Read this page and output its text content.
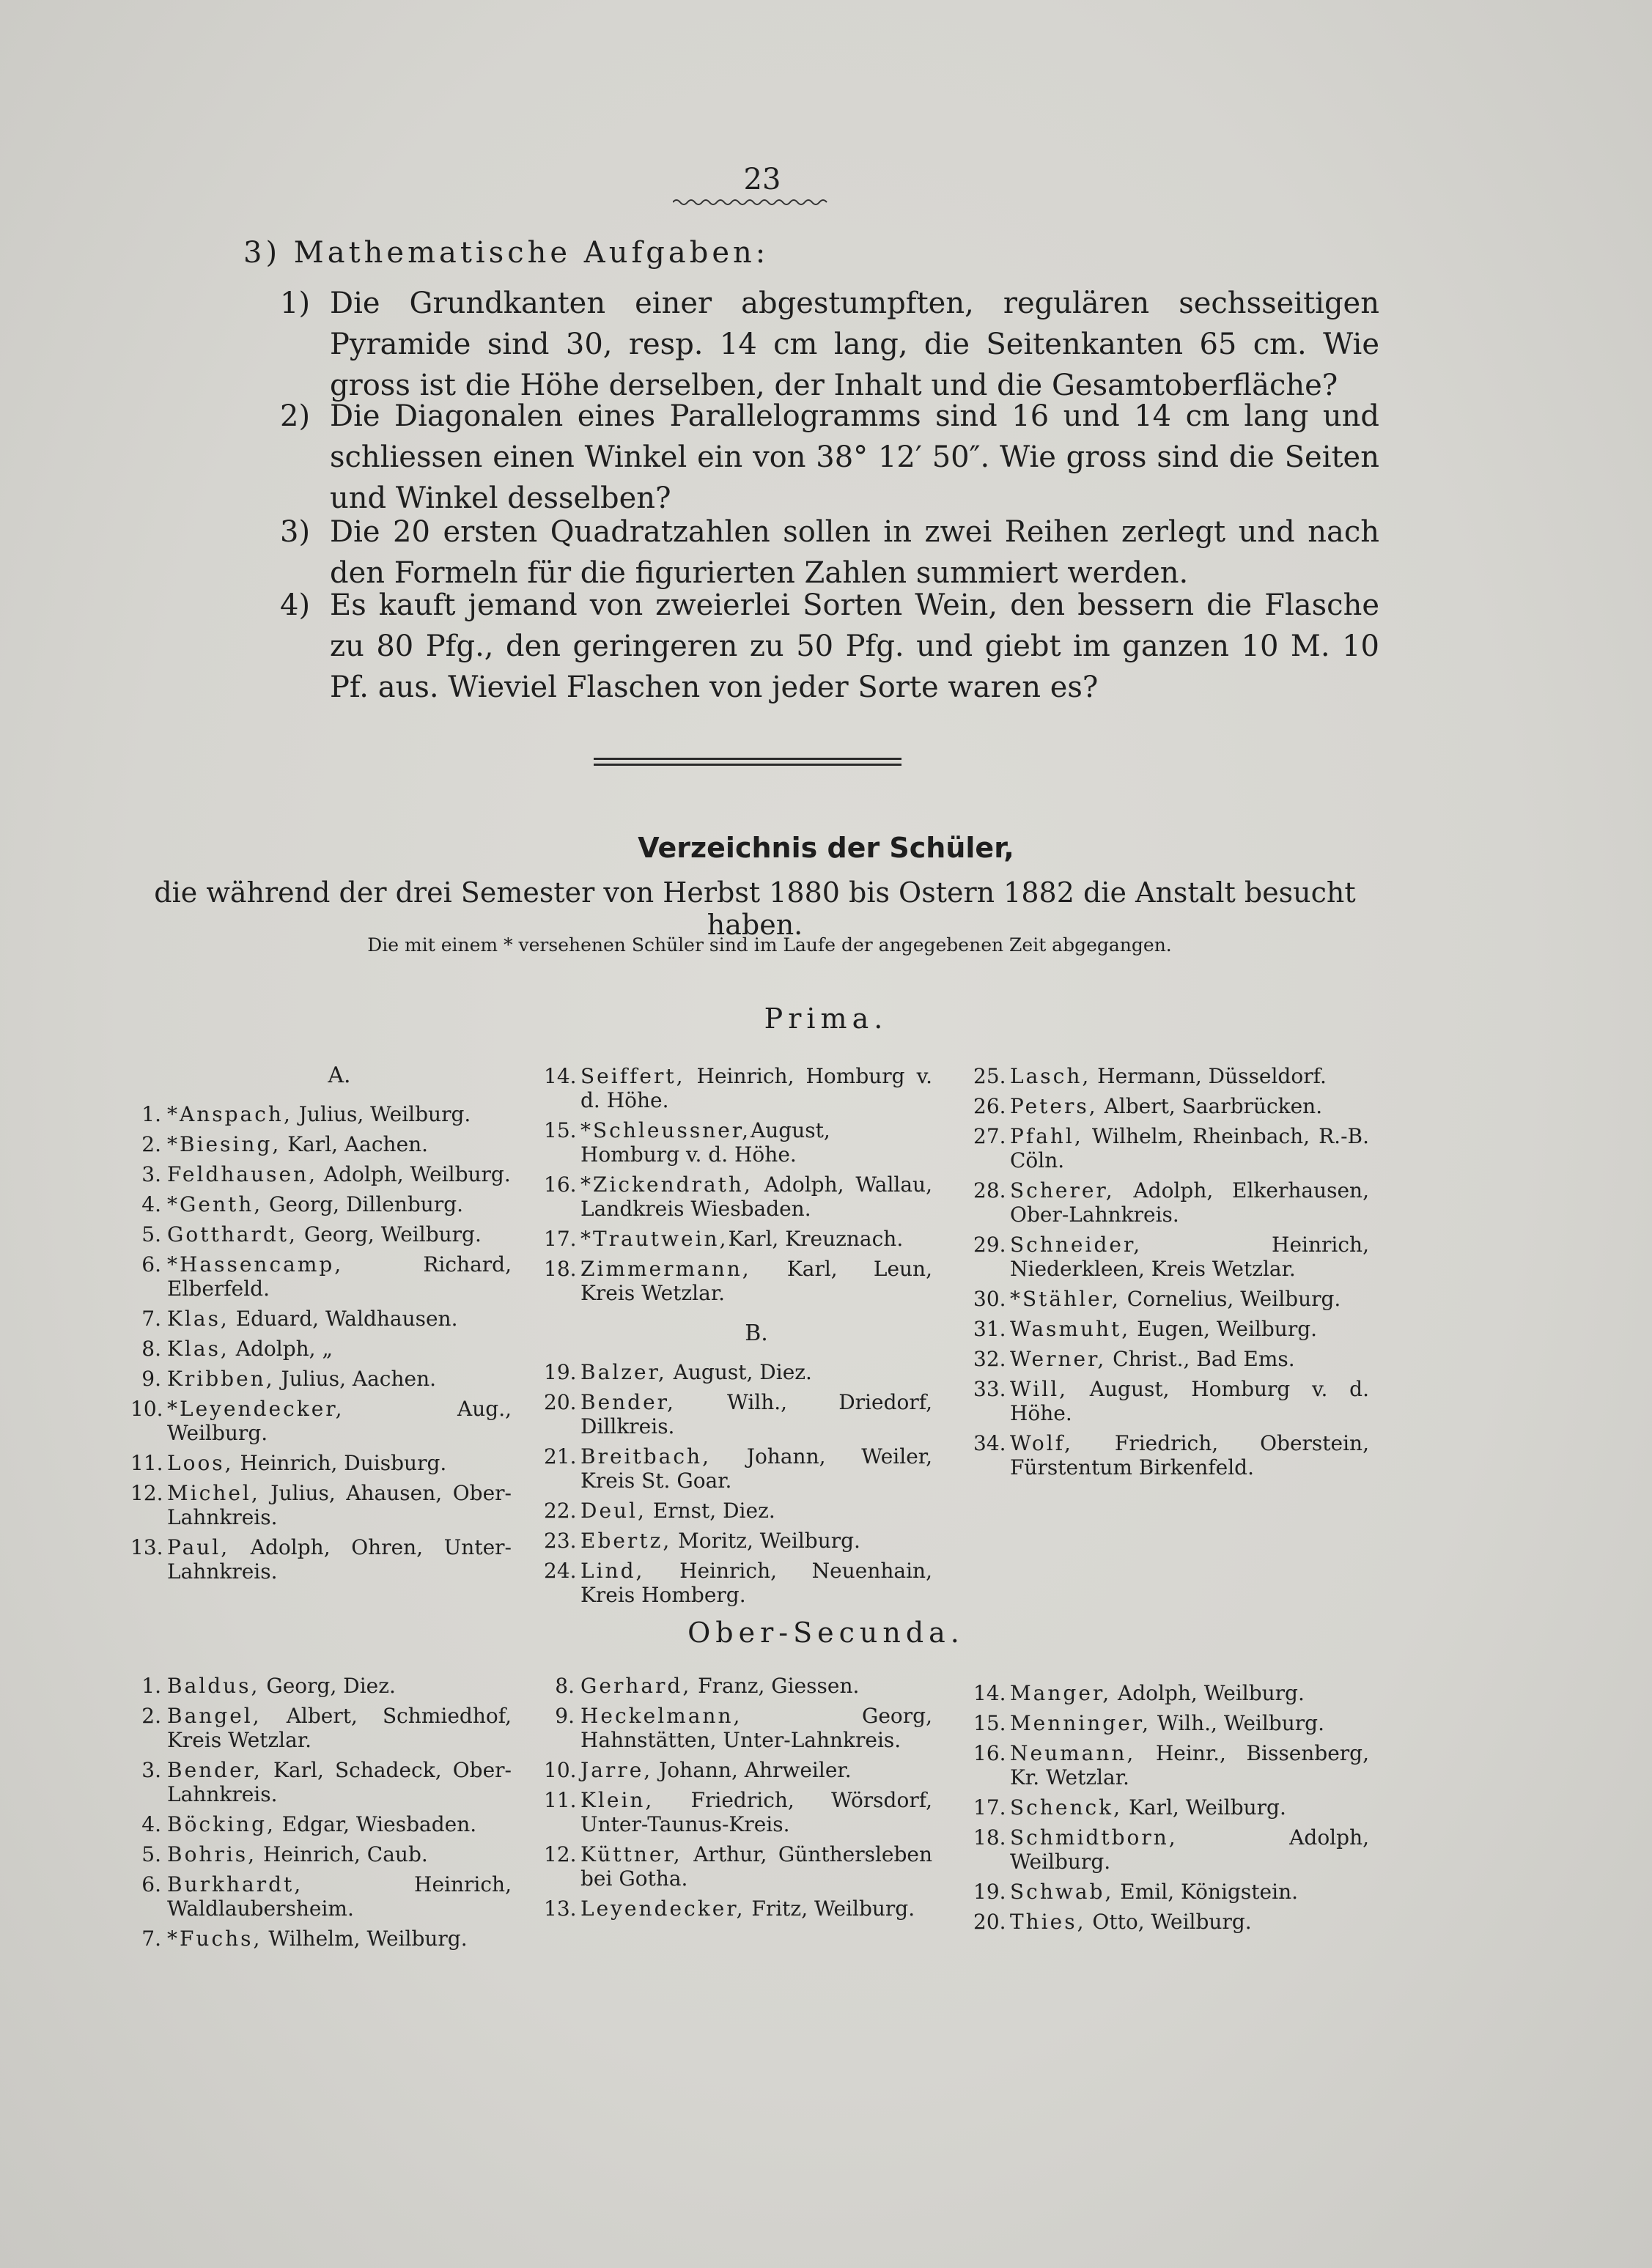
23
3) Mathematische Aufgaben:
1) Die Grundkanten einer abgestumpften, regulären sechsseitigen Pyramide sind 30, resp. 14 cm lang, die Seitenkanten 65 cm. Wie gross ist die Höhe derselben, der Inhalt und die Gesamtoberfläche?
2) Die Diagonalen eines Parallelogramms sind 16 und 14 cm lang und schliessen einen Winkel ein von 38° 12′ 50″. Wie gross sind die Seiten und Winkel desselben?
3) Die 20 ersten Quadratzahlen sollen in zwei Reihen zerlegt und nach den Formeln für die figurierten Zahlen summiert werden.
4) Es kauft jemand von zweierlei Sorten Wein, den bessern die Flasche zu 80 Pfg., den geringeren zu 50 Pfg. und giebt im ganzen 10 M. 10 Pf. aus. Wieviel Flaschen von jeder Sorte waren es?
Verzeichnis der Schüler,
die während der drei Semester von Herbst 1880 bis Ostern 1882 die Anstalt besucht haben.
Die mit einem * versehenen Schüler sind im Laufe der angegebenen Zeit abgegangen.
Prima.
A.
1. *Anspach, Julius, Weilburg.
2. *Biesing, Karl, Aachen.
3. Feldhausen, Adolph, Weilburg.
4. *Genth, Georg, Dillenburg.
5. Gotthardt, Georg, Weilburg.
6. *Hassencamp, Richard, Elberfeld.
7. Klas, Eduard, Waldhausen.
8. Klas, Adolph, „
9. Kribben, Julius, Aachen.
10. *Leyendecker, Aug., Weilburg.
11. Loos, Heinrich, Duisburg.
12. Michel, Julius, Ahausen, Ober-Lahnkreis.
13. Paul, Adolph, Ohren, Unter-Lahnkreis.
14. Seiffert, Heinrich, Homburg v. d. Höhe.
15. *Schleussner,August, Homburg v. d. Höhe.
16. *Zickendrath, Adolph, Wallau, Landkreis Wiesbaden.
17. *Trautwein,Karl, Kreuznach.
18. Zimmermann, Karl, Leun, Kreis Wetzlar.
B.
19. Balzer, August, Diez.
20. Bender, Wilh., Driedorf, Dillkreis.
21. Breitbach, Johann, Weiler, Kreis St. Goar.
22. Deul, Ernst, Diez.
23. Ebertz, Moritz, Weilburg.
24. Lind, Heinrich, Neuenhain, Kreis Homberg.
25. Lasch, Hermann, Düsseldorf.
26. Peters, Albert, Saarbrücken.
27. Pfahl, Wilhelm, Rheinbach, R.-B. Cöln.
28. Scherer, Adolph, Elkerhausen, Ober-Lahnkreis.
29. Schneider, Heinrich, Niederkleen, Kreis Wetzlar.
30. *Stähler, Cornelius, Weilburg.
31. Wasmuht, Eugen, Weilburg.
32. Werner, Christ., Bad Ems.
33. Will, August, Homburg v. d. Höhe.
34. Wolf, Friedrich, Oberstein, Fürstentum Birkenfeld.
Ober-Secunda.
1. Baldus, Georg, Diez.
2. Bangel, Albert, Schmiedhof, Kreis Wetzlar.
3. Bender, Karl, Schadeck, Ober-Lahnkreis.
4. Böcking, Edgar, Wiesbaden.
5. Bohris, Heinrich, Caub.
6. Burkhardt, Heinrich, Waldlaubersheim.
7. *Fuchs, Wilhelm, Weilburg.
8. Gerhard, Franz, Giessen.
9. Heckelmann, Georg, Hahnstätten, Unter-Lahnkreis.
10. Jarre, Johann, Ahrweiler.
11. Klein, Friedrich, Wörsdorf, Unter-Taunus-Kreis.
12. Küttner, Arthur, Günthersleben bei Gotha.
13. Leyendecker, Fritz, Weilburg.
14. Manger, Adolph, Weilburg.
15. Menninger, Wilh., Weilburg.
16. Neumann, Heinr., Bissenberg, Kr. Wetzlar.
17. Schenck, Karl, Weilburg.
18. Schmidtborn, Adolph, Weilburg.
19. Schwab, Emil, Königstein.
20. Thies, Otto, Weilburg.
